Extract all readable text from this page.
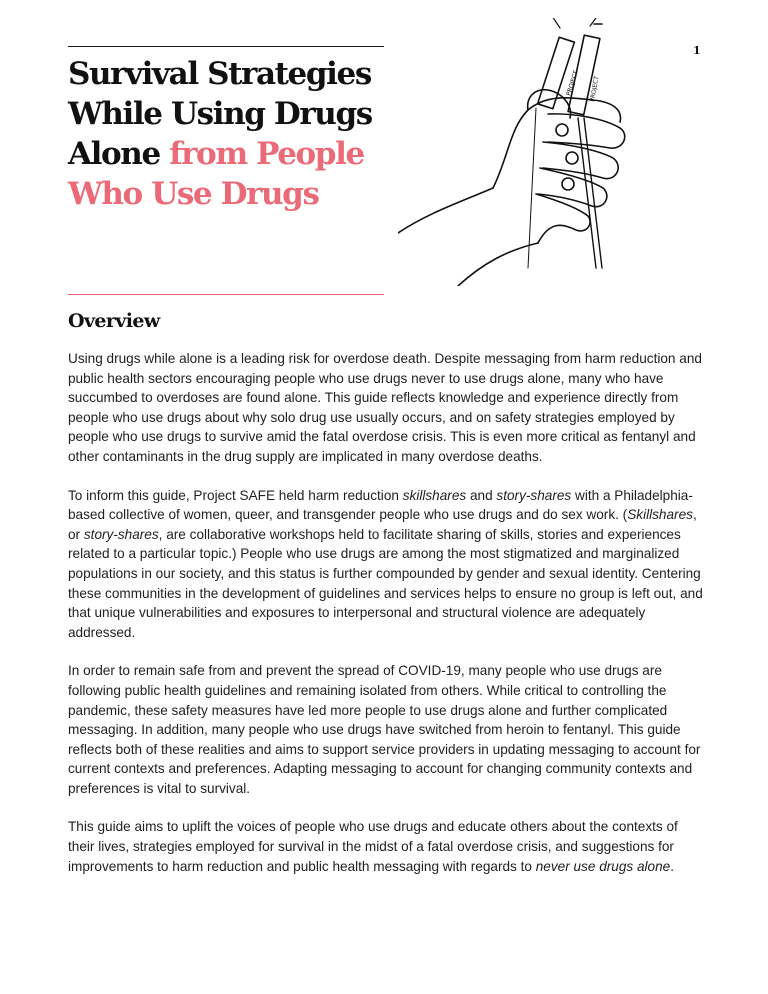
Survival Strategies While Using Drugs Alone from People Who Use Drugs
1
PROJECT PROJECT
Overview

Using drugs while alone is a leading risk for overdose death. Despite messaging from harm reduction and public health sectors encouraging people who use drugs never to use drugs alone, many who have succumbed to overdoses are found alone. This guide reflects knowledge and experience directly from people who use drugs about why solo drug use usually occurs, and on safety strategies employed by people who use drugs to survive amid the fatal overdose crisis. This is even more critical as fentanyl and other contaminants in the drug supply are implicated in many overdose deaths.

To inform this guide, Project SAFE held harm reduction skillshares and story-shares with a Philadelphia-based collective of women, queer, and transgender people who use drugs and do sex work. (Skillshares, or story-shares, are collaborative workshops held to facilitate sharing of skills, stories and experiences related to a particular topic.) People who use drugs are among the most stigmatized and marginalized populations in our society, and this status is further compounded by gender and sexual identity. Centering these communities in the development of guidelines and services helps to ensure no group is left out, and that unique vulnerabilities and exposures to interpersonal and structural violence are adequately addressed.

In order to remain safe from and prevent the spread of COVID-19, many people who use drugs are following public health guidelines and remaining isolated from others. While critical to controlling the pandemic, these safety measures have led more people to use drugs alone and further complicated messaging. In addition, many people who use drugs have switched from heroin to fentanyl. This guide reflects both of these realities and aims to support service providers in updating messaging to account for current contexts and preferences. Adapting messaging to account for changing community contexts and preferences is vital to survival.

This guide aims to uplift the voices of people who use drugs and educate others about the contexts of their lives, strategies employed for survival in the midst of a fatal overdose crisis, and suggestions for improvements to harm reduction and public health messaging with regards to never use drugs alone.
